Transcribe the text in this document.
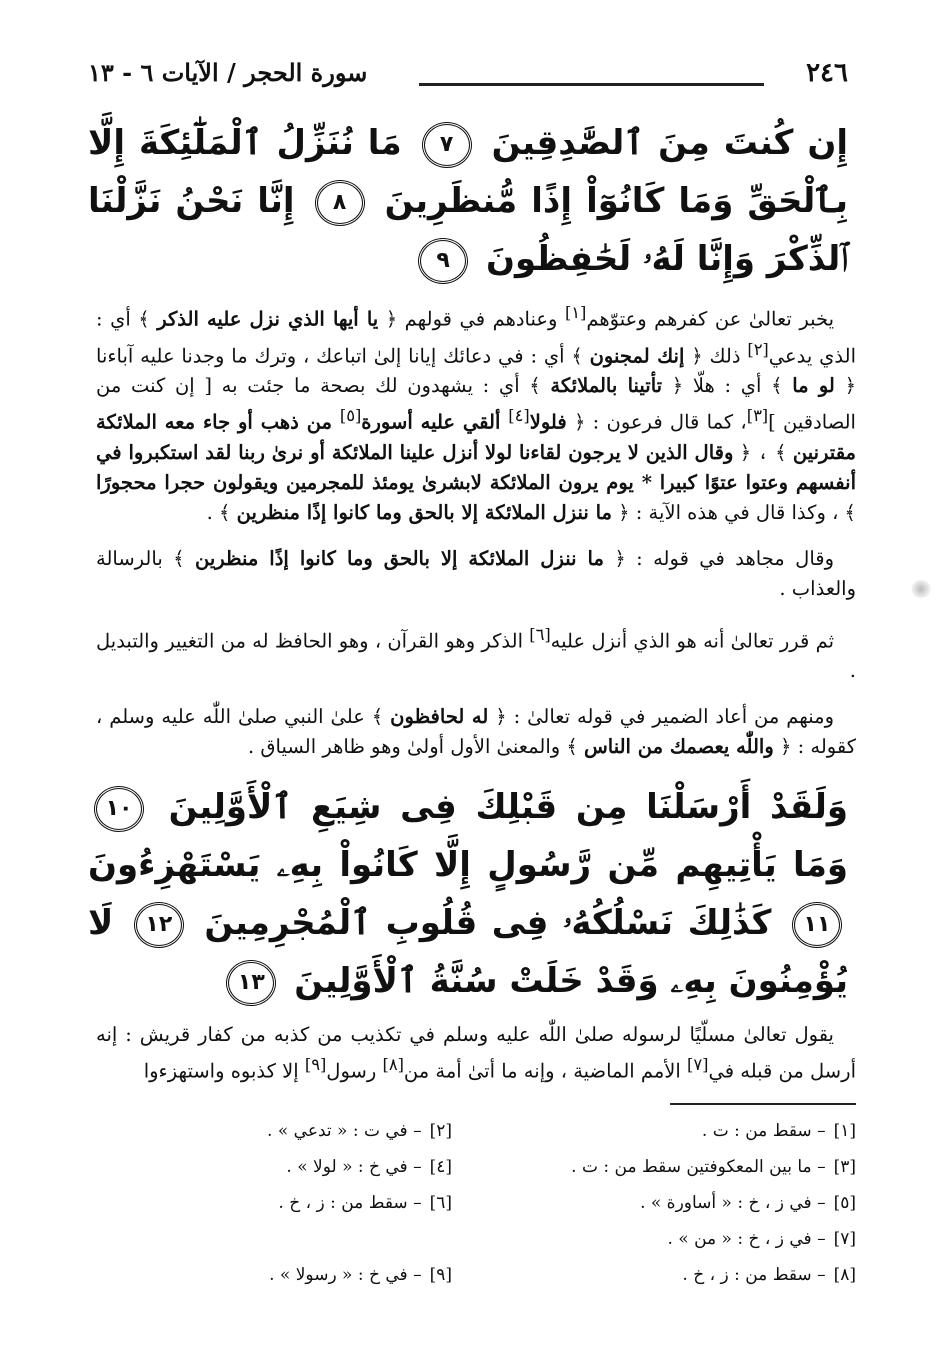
٢٤٦
سورة الحجر / الآيات ٦ - ١٣
إِن كُنتَ مِنَ ٱلصَّٰدِقِينَ ٧ مَا نُنَزِّلُ ٱلْمَلَٰٓئِكَةَ إِلَّا بِٱلْحَقِّ وَمَا كَانُوٓاْ إِذًا مُّنظَرِينَ ٨ إِنَّا نَحْنُ نَزَّلْنَا ٱلذِّكْرَ وَإِنَّا لَهُۥ لَحَٰفِظُونَ ٩

يخبر تعالىٰ عن كفرهم وعتوّهم[١] وعنادهم في قولهم ﴿ يا أيها الذي نزل عليه الذكر ﴾ أي : الذي يدعي[٢] ذلك ﴿ إنك لمجنون ﴾ أي : في دعائك إيانا إلىٰ اتباعك ، وترك ما وجدنا عليه آباءنا ﴿ لو ما ﴾ أي : هلّا ﴿ تأتينا بالملائكة ﴾ أي : يشهدون لك بصحة ما جئت به [ إن كنت من الصادقين ][٣]، كما قال فرعون : ﴿ فلولا[٤] ألقي عليه أسورة[٥] من ذهب أو جاء معه الملائكة مقترنين ﴾ ، ﴿ وقال الذين لا يرجون لقاءنا لولا أنزل علينا الملائكة أو نرىٰ ربنا لقد استكبروا في أنفسهم وعتوا عتوًا كبيرا * يوم يرون الملائكة لابشرىٰ يومئذ للمجرمين ويقولون حجرا محجورًا ﴾ ، وكذا قال في هذه الآية : ﴿ ما ننزل الملائكة إلا بالحق وما كانوا إذًا منظرين ﴾ .

وقال مجاهد في قوله : ﴿ ما ننزل الملائكة إلا بالحق وما كانوا إذًا منظرين ﴾ بالرسالة والعذاب .

ثم قرر تعالىٰ أنه هو الذي أنزل عليه[٦] الذكر وهو القرآن ، وهو الحافظ له من التغيير والتبديل .

ومنهم من أعاد الضمير في قوله تعالىٰ : ﴿ له لحافظون ﴾ علىٰ النبي صلىٰ اللّٰه عليه وسلم ، كقوله : ﴿ واللّٰه يعصمك من الناس ﴾ والمعنىٰ الأول أولىٰ وهو ظاهر السياق .

وَلَقَدْ أَرْسَلْنَا مِن قَبْلِكَ فِى شِيَعِ ٱلْأَوَّلِينَ ١٠ وَمَا يَأْتِيهِم مِّن رَّسُولٍ إِلَّا كَانُواْ بِهِۦ يَسْتَهْزِءُونَ ١١ كَذَٰلِكَ نَسْلُكُهُۥ فِى قُلُوبِ ٱلْمُجْرِمِينَ ١٢ لَا يُؤْمِنُونَ بِهِۦ وَقَدْ خَلَتْ سُنَّةُ ٱلْأَوَّلِينَ ١٣

يقول تعالىٰ مسلّيًا لرسوله صلىٰ اللّٰه عليه وسلم في تكذيب من كذبه من كفار قريش : إنه أرسل من قبله في[٧] الأمم الماضية ، وإنه ما أتىٰ أمة من[٨] رسول[٩] إلا كذبوه واستهزءوا

[١]– سقط من : ت .
[٢]– في ت : « تدعي » .
[٣]– ما بين المعكوفتين سقط من : ت .
[٤]– في خ : « لولا » .
[٥]– في ز ، خ : « أساورة » .
[٦]– سقط من : ز ، خ .
[٧]– في ز ، خ : « من » .
[٨]– سقط من : ز ، خ .
[٩]– في خ : « رسولا » .
